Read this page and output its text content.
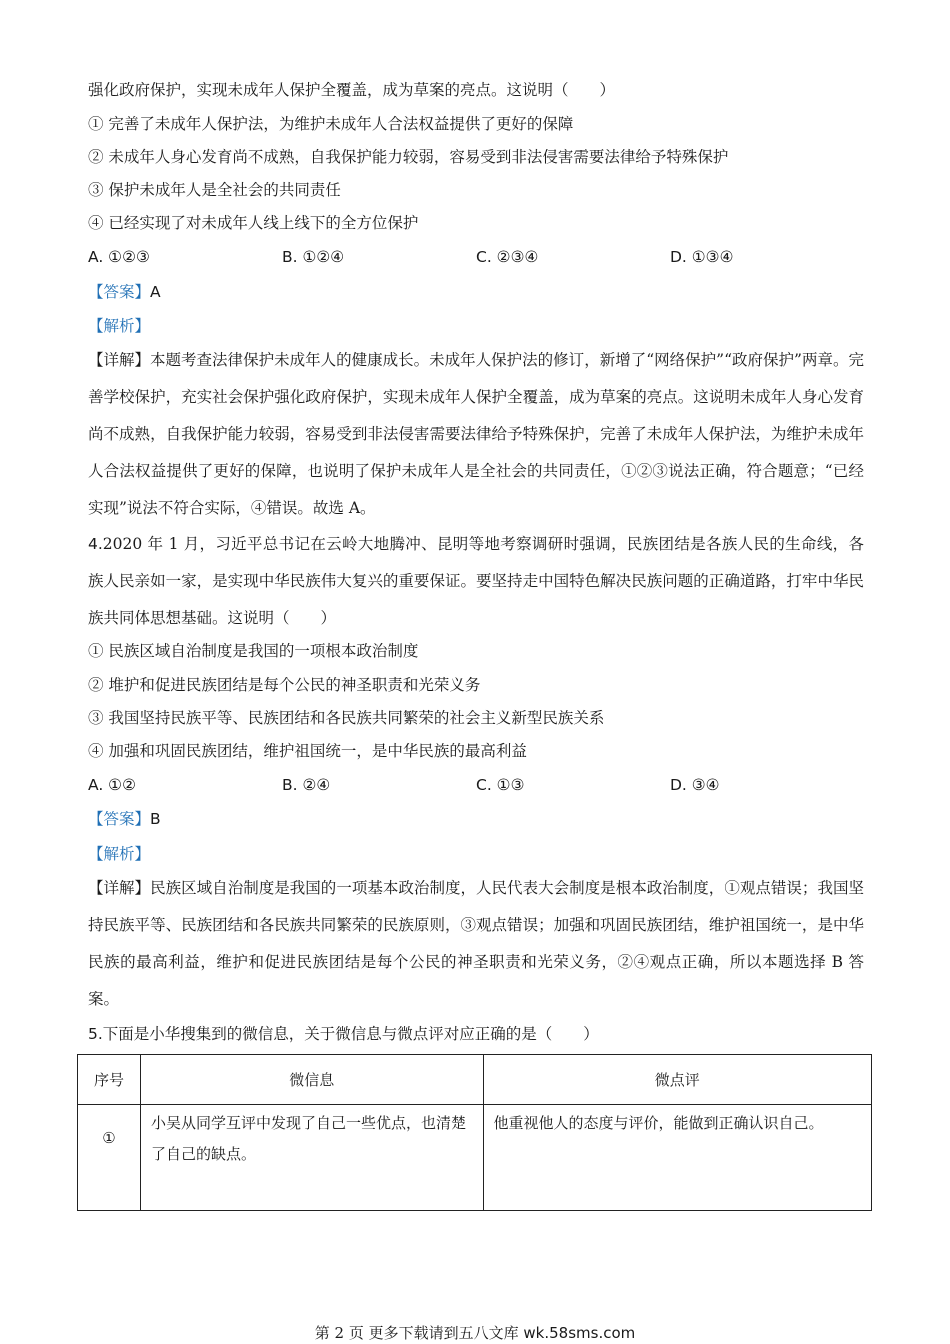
强化政府保护，实现未成年人保护全覆盖，成为草案的亮点。这说明（　　）
① 完善了未成年人保护法，为维护未成年人合法权益提供了更好的保障
② 未成年人身心发育尚不成熟，自我保护能力较弱，容易受到非法侵害需要法律给予特殊保护
③ 保护未成年人是全社会的共同责任
④ 已经实现了对未成年人线上线下的全方位保护
A. ①②③	B. ①②④	C. ②③④	D. ①③④
【答案】A
【解析】
【详解】本题考查法律保护未成年人的健康成长。未成年人保护法的修订，新增了“网络保护”“政府保护”两章。完善学校保护，充实社会保护强化政府保护，实现未成年人保护全覆盖，成为草案的亮点。这说明未成年人身心发育尚不成熟，自我保护能力较弱，容易受到非法侵害需要法律给予特殊保护，完善了未成年人保护法，为维护未成年人合法权益提供了更好的保障，也说明了保护未成年人是全社会的共同责任，①②③说法正确，符合题意；“已经实现”说法不符合实际，④错误。故选 A。
4.2020 年 1 月，习近平总书记在云岭大地腾冲、昆明等地考察调研时强调，民族团结是各族人民的生命线，各族人民亲如一家，是实现中华民族伟大复兴的重要保证。要坚持走中国特色解决民族问题的正确道路，打牢中华民族共同体思想基础。这说明（　　）
① 民族区域自治制度是我国的一项根本政治制度
② 堆护和促进民族团结是每个公民的神圣职责和光荣义务
③ 我国坚持民族平等、民族团结和各民族共同繁荣的社会主义新型民族关系
④ 加强和巩固民族团结，维护祖国统一，是中华民族的最高利益
A. ①②	B. ②④	C. ①③	D. ③④
【答案】B
【解析】
【详解】民族区域自治制度是我国的一项基本政治制度，人民代表大会制度是根本政治制度，①观点错误；我国坚持民族平等、民族团结和各民族共同繁荣的民族原则，③观点错误；加强和巩固民族团结，维护祖国统一，是中华民族的最高利益，维护和促进民族团结是每个公民的神圣职责和光荣义务，②④观点正确，所以本题选择 B 答案。
5.下面是小华搜集到的微信息，关于微信息与微点评对应正确的是（　　）
序号	微信息	微点评
①	小吴从同学互评中发现了自己一些优点，也清楚了自己的缺点。	他重视他人的态度与评价，能做到正确认识自己。
第 2 页 更多下载请到五八文库 wk.58sms.com
